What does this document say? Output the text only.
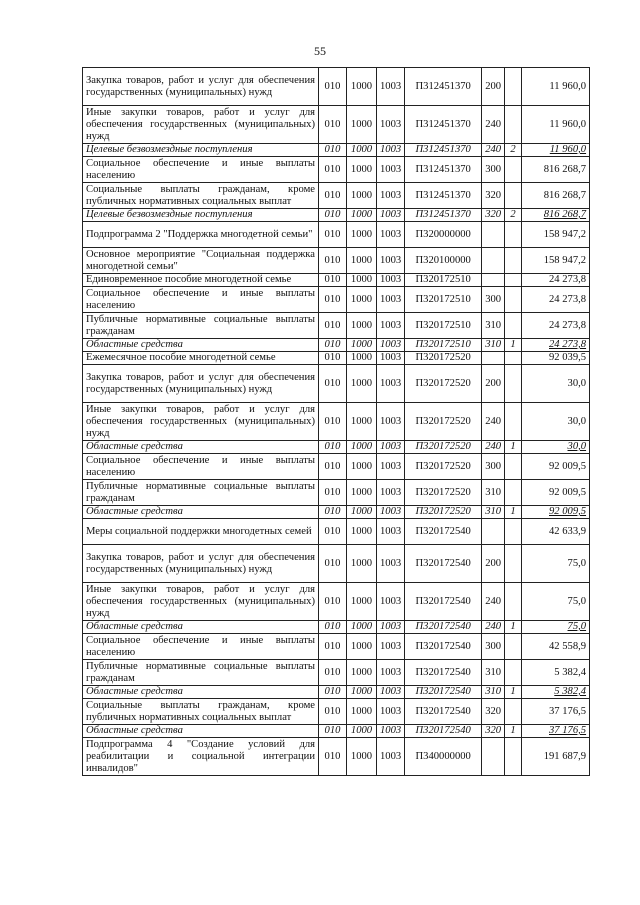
55
Закупка товаров, работ и услуг для обеспечения государственных (муниципальных) нужд	010	1000	1003	П312451370	200		11 960,0
Иные закупки товаров, работ и услуг для обеспечения государственных (муниципальных) нужд	010	1000	1003	П312451370	240		11 960,0
Целевые безвозмездные поступления	010	1000	1003	П312451370	240	2	11 960,0
Социальное обеспечение и иные выплаты населению	010	1000	1003	П312451370	300		816 268,7
Социальные выплаты гражданам, кроме публичных нормативных социальных выплат	010	1000	1003	П312451370	320		816 268,7
Целевые безвозмездные поступления	010	1000	1003	П312451370	320	2	816 268,7
Подпрограмма 2 "Поддержка многодетной семьи"	010	1000	1003	П320000000			158 947,2
Основное мероприятие "Социальная поддержка многодетной семьи"	010	1000	1003	П320100000			158 947,2
Единовременное пособие многодетной семье	010	1000	1003	П320172510			24 273,8
Социальное обеспечение и иные выплаты населению	010	1000	1003	П320172510	300		24 273,8
Публичные нормативные социальные выплаты гражданам	010	1000	1003	П320172510	310		24 273,8
Областные средства	010	1000	1003	П320172510	310	1	24 273,8
Ежемесячное пособие многодетной семье	010	1000	1003	П320172520			92 039,5
Закупка товаров, работ и услуг для обеспечения государственных (муниципальных) нужд	010	1000	1003	П320172520	200		30,0
Иные закупки товаров, работ и услуг для обеспечения государственных (муниципальных) нужд	010	1000	1003	П320172520	240		30,0
Областные средства	010	1000	1003	П320172520	240	1	30,0
Социальное обеспечение и иные выплаты населению	010	1000	1003	П320172520	300		92 009,5
Публичные нормативные социальные выплаты гражданам	010	1000	1003	П320172520	310		92 009,5
Областные средства	010	1000	1003	П320172520	310	1	92 009,5
Меры социальной поддержки многодетных семей	010	1000	1003	П320172540			42 633,9
Закупка товаров, работ и услуг для обеспечения государственных (муниципальных) нужд	010	1000	1003	П320172540	200		75,0
Иные закупки товаров, работ и услуг для обеспечения государственных (муниципальных) нужд	010	1000	1003	П320172540	240		75,0
Областные средства	010	1000	1003	П320172540	240	1	75,0
Социальное обеспечение и иные выплаты населению	010	1000	1003	П320172540	300		42 558,9
Публичные нормативные социальные выплаты гражданам	010	1000	1003	П320172540	310		5 382,4
Областные средства	010	1000	1003	П320172540	310	1	5 382,4
Социальные выплаты гражданам, кроме публичных нормативных социальных выплат	010	1000	1003	П320172540	320		37 176,5
Областные средства	010	1000	1003	П320172540	320	1	37 176,5
Подпрограмма 4 "Создание условий для реабилитации и социальной интеграции инвалидов"	010	1000	1003	П340000000			191 687,9
